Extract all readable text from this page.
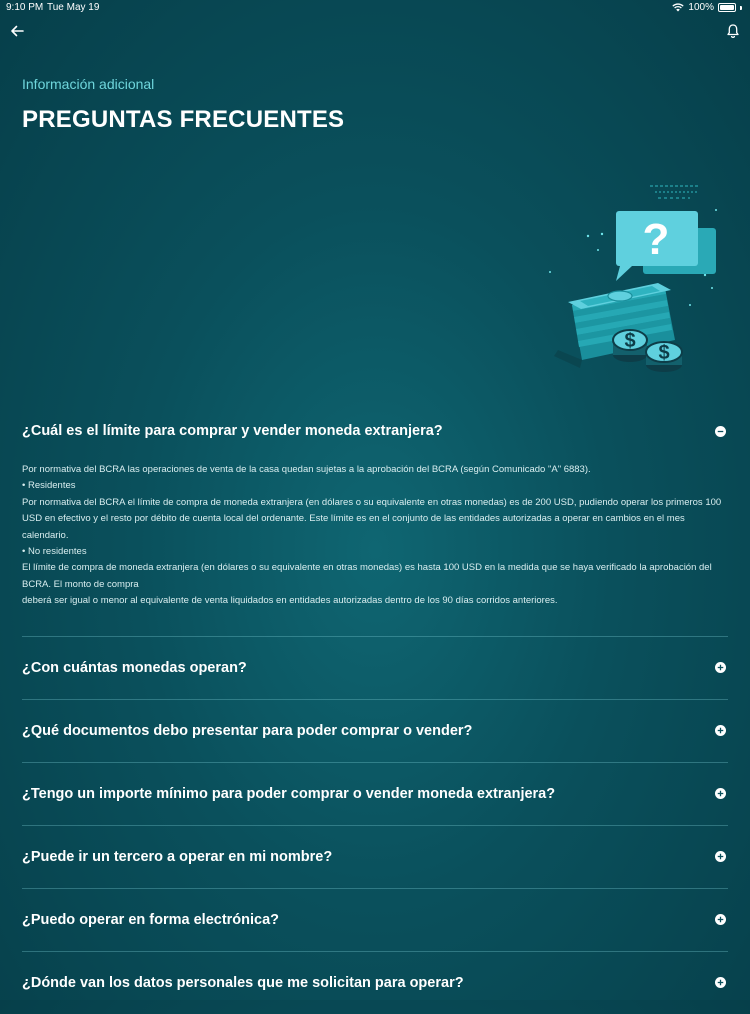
9:10 PM Tue May 19	100%
Información adicional
PREGUNTAS FRECUENTES
?
$
$
¿Cuál es el límite para comprar y vender moneda extranjera?
Por normativa del BCRA las operaciones de venta de la casa quedan sujetas a la aprobación del BCRA (según Comunicado "A" 6883).
• Residentes
Por normativa del BCRA el límite de compra de moneda extranjera (en dólares o su equivalente en otras monedas) es de 200 USD, pudiendo operar los primeros 100 USD en efectivo y el resto por débito de cuenta local del ordenante. Este límite es en el conjunto de las entidades autorizadas a operar en cambios en el mes calendario.
• No residentes
El límite de compra de moneda extranjera (en dólares o su equivalente en otras monedas) es hasta 100 USD en la medida que se haya verificado la aprobación del BCRA. El monto de compra
deberá ser igual o menor al equivalente de venta liquidados en entidades autorizadas dentro de los 90 días corridos anteriores.
¿Con cuántas monedas operan?
¿Qué documentos debo presentar para poder comprar o vender?
¿Tengo un importe mínimo para poder comprar o vender moneda extranjera?
¿Puede ir un tercero a operar en mi nombre?
¿Puedo operar en forma electrónica?
¿Dónde van los datos personales que me solicitan para operar?
